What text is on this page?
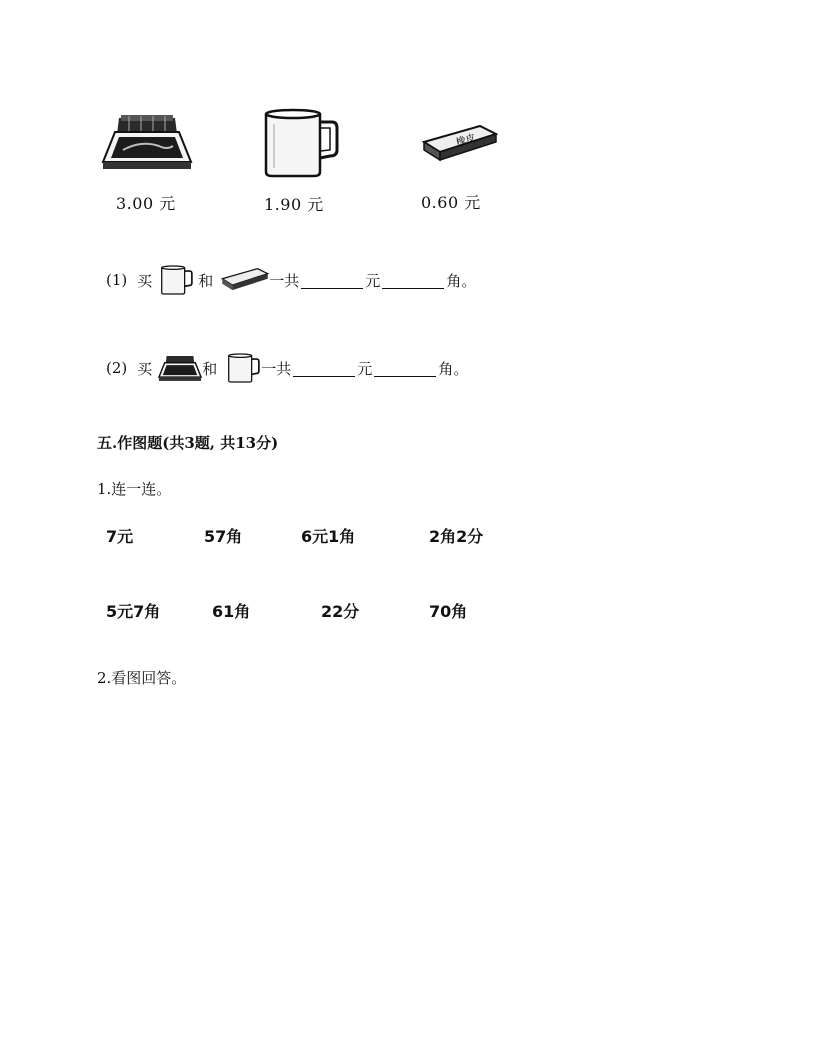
橡皮
3.00 元	1.90 元	0.60 元
(1) 买	和	一共	元	角。
(2) 买	和	一共	元	角。
五.作图题(共3题, 共13分)
1.连一连。
7元	57角	6元1角	2角2分
5元7角	61角	22分	70角
2.看图回答。
